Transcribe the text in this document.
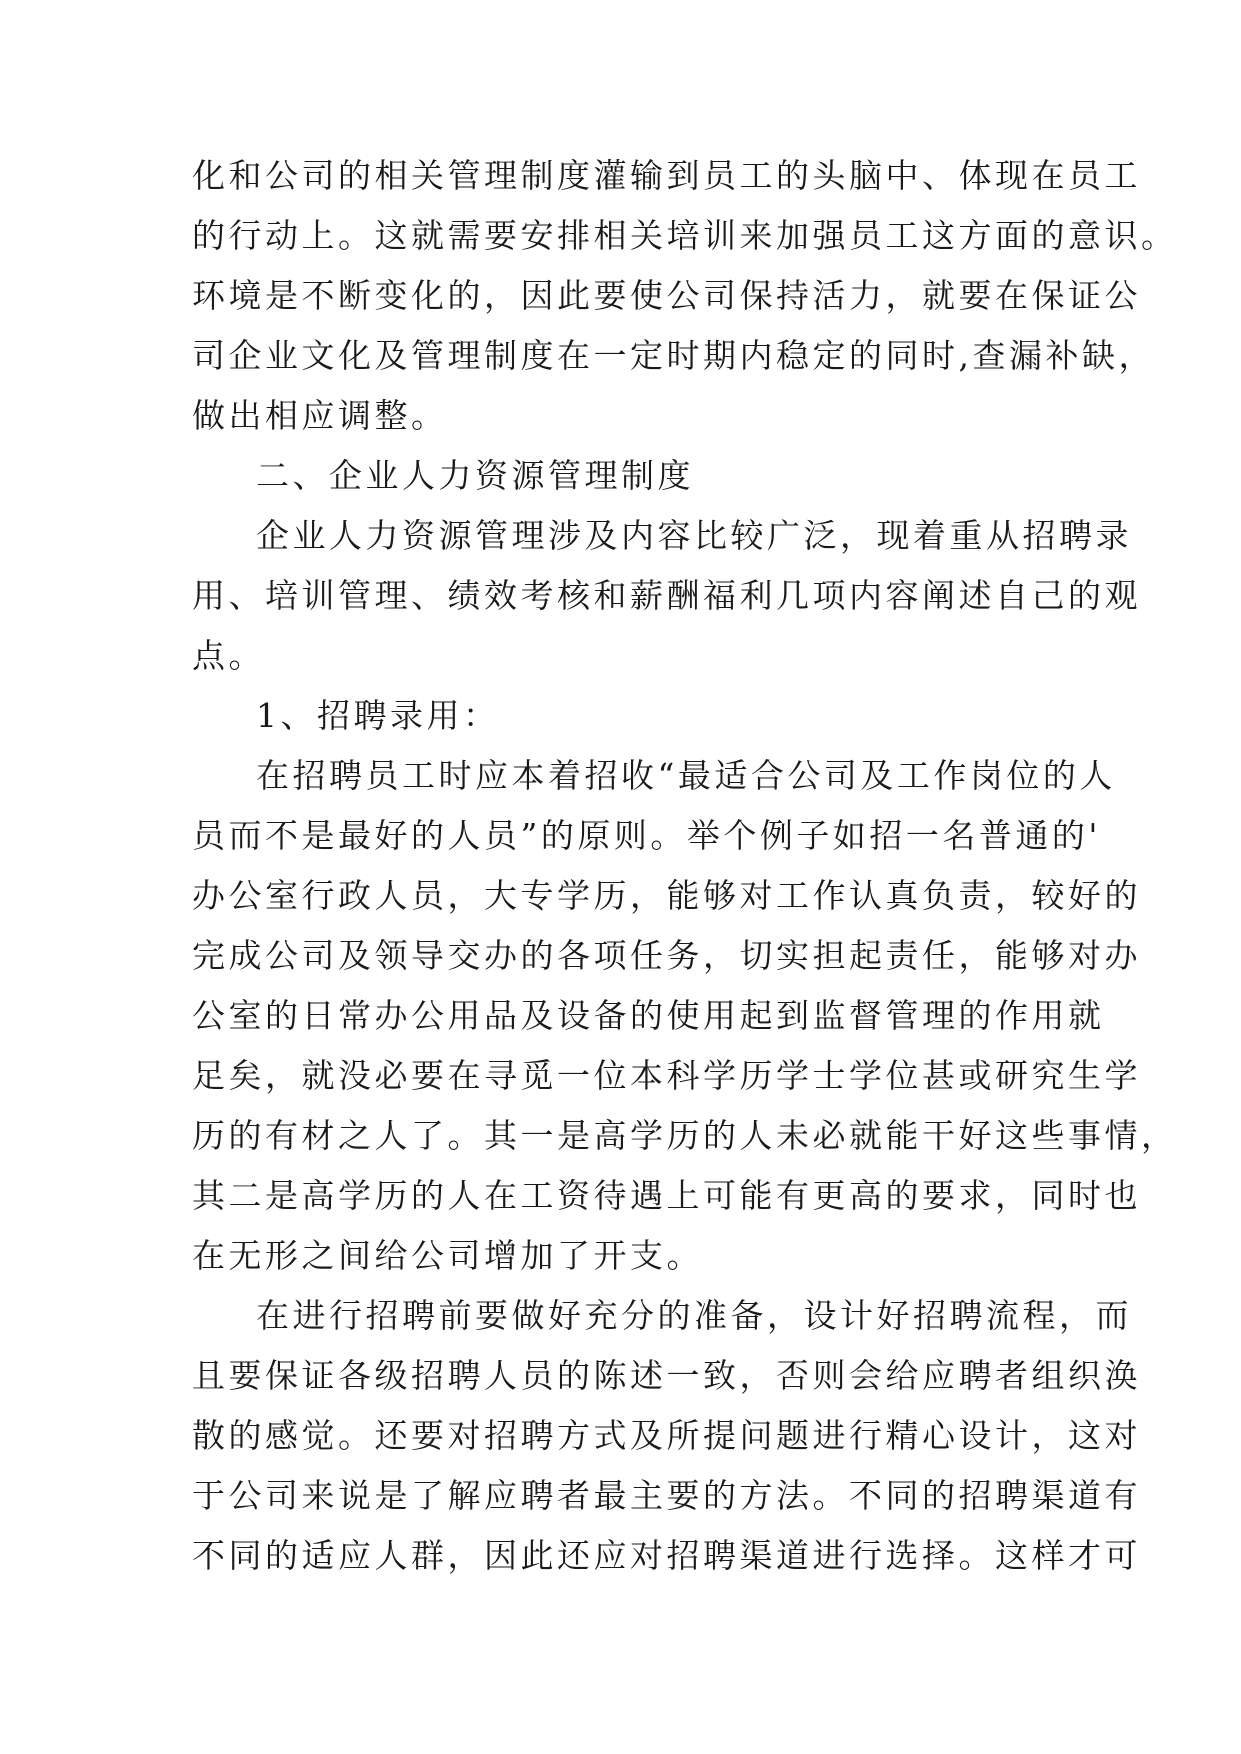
化和公司的相关管理制度灌输到员工的头脑中、体现在员工
的行动上。这就需要安排相关培训来加强员工这方面的意识。
环境是不断变化的，因此要使公司保持活力，就要在保证公
司企业文化及管理制度在一定时期内稳定的同时,查漏补缺，
做出相应调整。
二、企业人力资源管理制度
企业人力资源管理涉及内容比较广泛，现着重从招聘录
用、培训管理、绩效考核和薪酬福利几项内容阐述自己的观
点。
1、招聘录用：
在招聘员工时应本着招收“最适合公司及工作岗位的人
员而不是最好的人员”的原则。举个例子如招一名普通的'
办公室行政人员，大专学历，能够对工作认真负责，较好的
完成公司及领导交办的各项任务，切实担起责任，能够对办
公室的日常办公用品及设备的使用起到监督管理的作用就
足矣，就没必要在寻觅一位本科学历学士学位甚或研究生学
历的有材之人了。其一是高学历的人未必就能干好这些事情，
其二是高学历的人在工资待遇上可能有更高的要求，同时也
在无形之间给公司增加了开支。
在进行招聘前要做好充分的准备，设计好招聘流程，而
且要保证各级招聘人员的陈述一致，否则会给应聘者组织涣
散的感觉。还要对招聘方式及所提问题进行精心设计，这对
于公司来说是了解应聘者最主要的方法。不同的招聘渠道有
不同的适应人群，因此还应对招聘渠道进行选择。这样才可
